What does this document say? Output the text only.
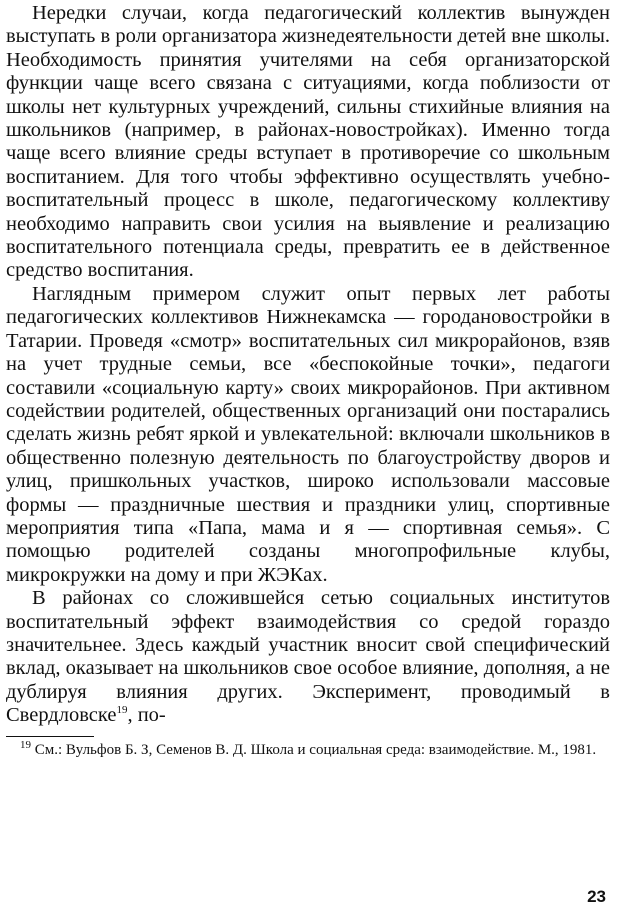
Нередки случаи, когда педагогический коллектив вынужден выступать в роли организатора жизнедеятельности детей вне школы. Необходимость принятия учителями на себя организаторской функции чаще всего связана с ситуациями, когда поблизости от школы нет культурных учреждений, сильны стихийные влияния на школьников (например, в районах-новостройках). Именно тогда чаще всего влияние среды вступает в противоречие со школьным воспитанием. Для того чтобы эффективно осуществлять учебно-воспитательный процесс в школе, педагогическому коллективу необходимо направить свои усилия на выявление и реализацию воспитательного потенциала среды, превратить ее в действенное средство воспитания.

Наглядным примером служит опыт первых лет работы педагогических коллективов Нижнекамска — городановостройки в Татарии. Проведя «смотр» воспитательных сил микрорайонов, взяв на учет трудные семьи, все «беспокойные точки», педагоги составили «социальную карту» своих микрорайонов. При активном содействии родителей, общественных организаций они постарались сделать жизнь ребят яркой и увлекательной: включали школьников в общественно полезную деятельность по благоустройству дворов и улиц, пришкольных участков, широко использовали массовые формы — праздничные шествия и праздники улиц, спортивные мероприятия типа «Папа, мама и я — спортивная семья». С помощью родителей созданы многопрофильные клубы, микрокружки на дому и при ЖЭКах.

В районах со сложившейся сетью социальных институтов воспитательный эффект взаимодействия со средой гораздо значительнее. Здесь каждый участник вносит свой специфический вклад, оказывает на школьников свое особое влияние, дополняя, а не дублируя влияния других. Эксперимент, проводимый в Свердловске$^{19}$, по-

$^{19}$ См.: Вульфов Б. З, Семенов В. Д. Школа и социальная среда: взаимодействие. М., 1981.

23
